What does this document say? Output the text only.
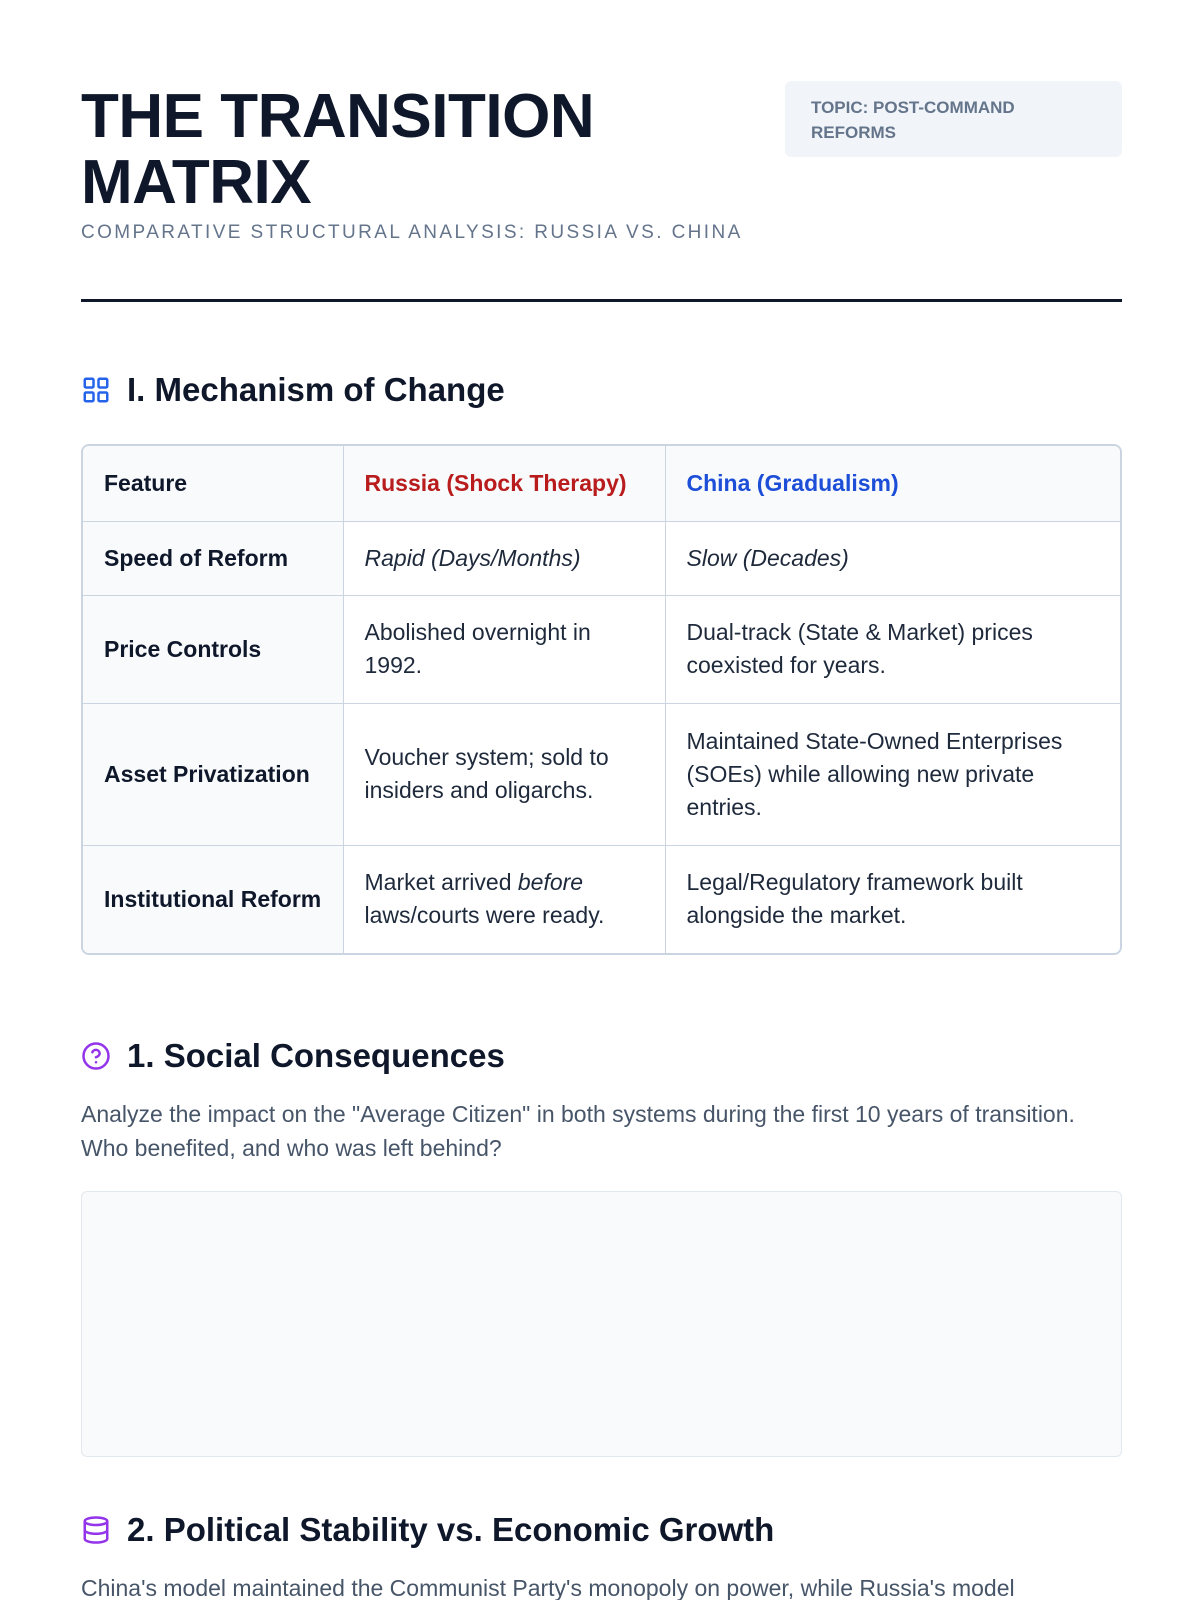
THE TRANSITION
MATRIX
COMPARATIVE STRUCTURAL ANALYSIS: RUSSIA VS. CHINA
TOPIC: POST-COMMAND
REFORMS
I. Mechanism of Change
Feature	Russia (Shock Therapy)	China (Gradualism)
Speed of Reform	Rapid (Days/Months)	Slow (Decades)
Price Controls	Abolished overnight in 1992.	Dual-track (State & Market) prices coexisted for years.
Asset Privatization	Voucher system; sold to insiders and oligarchs.	Maintained State-Owned Enterprises (SOEs) while allowing new private entries.
Institutional Reform	Market arrived before laws/courts were ready.	Legal/Regulatory framework built alongside the market.
1. Social Consequences

Analyze the impact on the "Average Citizen" in both systems during the first 10 years of transition. Who benefited, and who was left behind?

2. Political Stability vs. Economic Growth

China's model maintained the Communist Party's monopoly on power, while Russia's model
